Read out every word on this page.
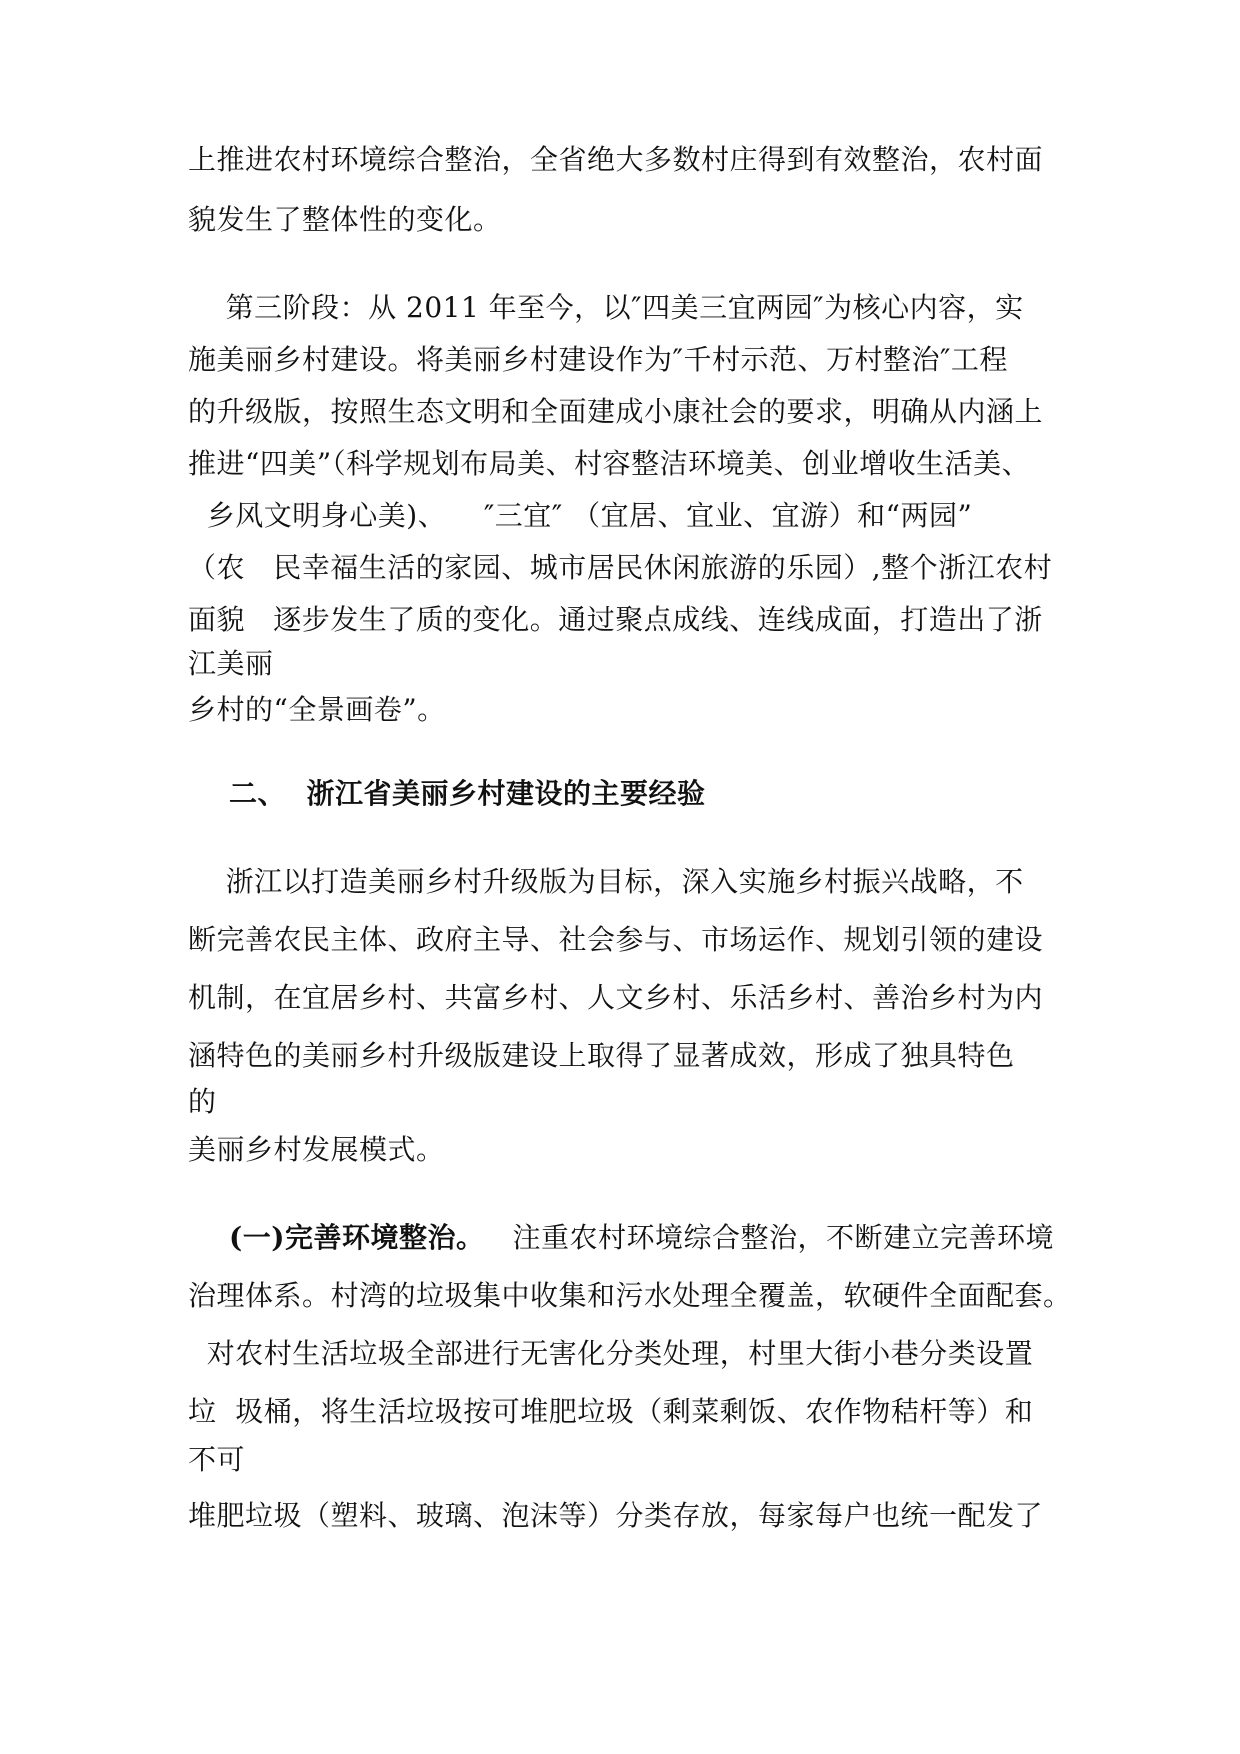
上推进农村环境综合整治，全省绝大多数村庄得到有效整治，农村面
貌发生了整体性的变化。
第三阶段：从 2011 年至今，以″四美三宜两园″为核心内容，实
施美丽乡村建设。将美丽乡村建设作为″千村示范、万村整治″工程
的升级版，按照生态文明和全面建成小康社会的要求，明确从内涵上
推进“四美”（科学规划布局美、村容整洁环境美、创业增收生活美、
乡风文明身心美)、    ″三宜″ （宜居、宜业、宜游）和“两园”
（农   民幸福生活的家园、城市居民休闲旅游的乐园）,整个浙江农村
面貌   逐步发生了质的变化。通过聚点成线、连线成面，打造出了浙
江美丽
乡村的“全景画卷”。
二、  浙江省美丽乡村建设的主要经验
浙江以打造美丽乡村升级版为目标，深入实施乡村振兴战略，不
断完善农民主体、政府主导、社会参与、市场运作、规划引领的建设
机制，在宜居乡村、共富乡村、人文乡村、乐活乡村、善治乡村为内
涵特色的美丽乡村升级版建设上取得了显著成效，形成了独具特色
的
美丽乡村发展模式。
(一)完善环境整治。 注重农村环境综合整治，不断建立完善环境
治理体系。村湾的垃圾集中收集和污水处理全覆盖，软硬件全面配套。
对农村生活垃圾全部进行无害化分类处理，村里大街小巷分类设置
垃  圾桶，将生活垃圾按可堆肥垃圾（剩菜剩饭、农作物秸杆等）和
不可
堆肥垃圾（塑料、玻璃、泡沫等）分类存放，每家每户也统一配发了
